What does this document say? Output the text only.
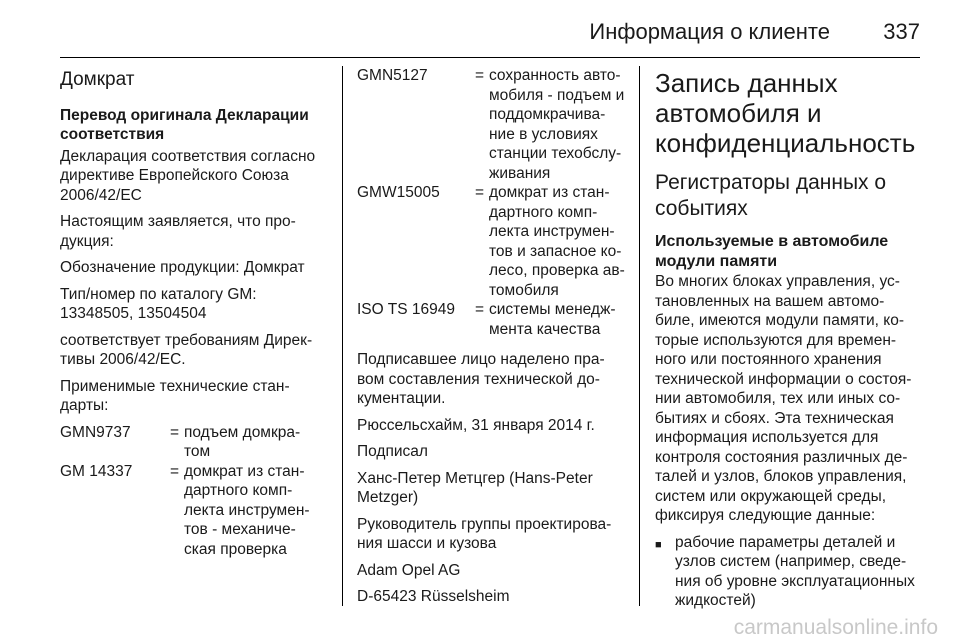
Информация о клиенте 337
Домкрат
Перевод оригинала Декларации соответствия

Декларация соответствия согласно директиве Европейского Союза 2006/42/ЕС

Настоящим заявляется, что про- дукция:

Обозначение продукции: Домкрат

Тип/номер по каталогу GM: 13348505, 13504504

соответствует требованиям Дирек- тивы 2006/42/ЕС.

Применимые технические стан- дарты:

GMN9737	= подъем домкра- том
GM 14337	= домкрат из стан- дартного комп- лекта инструмен- тов - механиче- ская проверка
GMN5127	= сохранность авто- мобиля - подъем и поддомкрачива- ние в условиях станции техобслу- живания
GMW15005	= домкрат из стан- дартного комп- лекта инструмен- тов и запасное ко- лесо, проверка ав- томобиля
ISO TS 16949	= системы менедж- мента качества

Подписавшее лицо наделено пра- вом составления технической до- кументации.

Рюссельсхайм, 31 января 2014 г.

Подписал

Ханс-Петер Метцгер (Hans-Peter Metzger)

Руководитель группы проектирова- ния шасси и кузова

Adam Opel AG

D-65423 Rüsselsheim

Запись данных автомобиля и конфиденциальность
Регистраторы данных о событиях
Используемые в автомобиле модули памяти

Во многих блоках управления, ус- тановленных на вашем автомо- биле, имеются модули памяти, ко- торые используются для времен- ного или постоянного хранения технической информации о состоя- нии автомобиля, тех или иных со- бытиях и сбоях. Эта техническая информация используется для контроля состояния различных де- талей и узлов, блоков управления, систем или окружающей среды, фиксируя следующие данные:

■ рабочие параметры деталей и узлов систем (например, сведе- ния об уровне эксплуатационных жидкостей)
carmanualsonline.info
